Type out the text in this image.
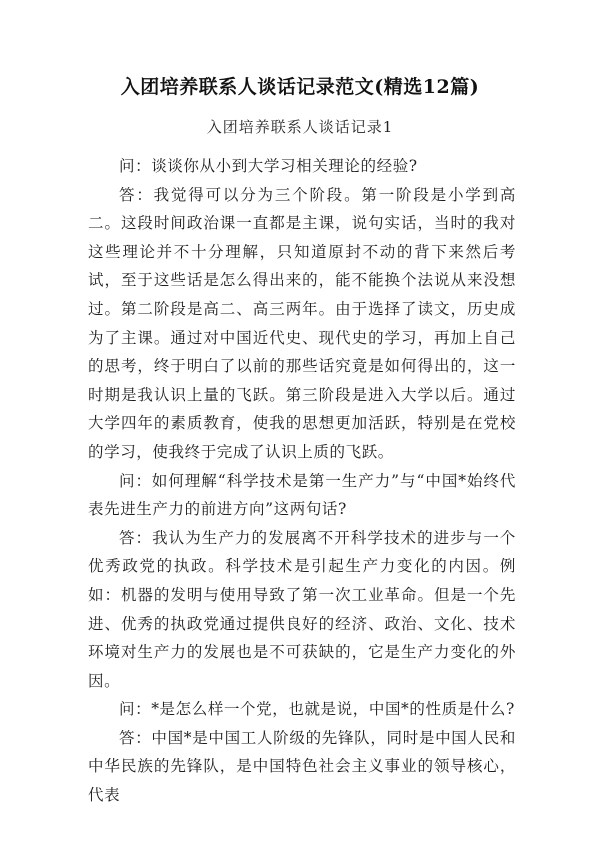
入团培养联系人谈话记录范文(精选12篇)
入团培养联系人谈话记录1

问：谈谈你从小到大学习相关理论的经验?

答：我觉得可以分为三个阶段。第一阶段是小学到高二。这段时间政治课一直都是主课，说句实话，当时的我对这些理论并不十分理解，只知道原封不动的背下来然后考试，至于这些话是怎么得出来的，能不能换个法说从来没想过。第二阶段是高二、高三两年。由于选择了读文，历史成为了主课。通过对中国近代史、现代史的学习，再加上自己的思考，终于明白了以前的那些话究竟是如何得出的，这一时期是我认识上量的飞跃。第三阶段是进入大学以后。通过大学四年的素质教育，使我的思想更加活跃，特别是在党校的学习，使我终于完成了认识上质的飞跃。

问：如何理解“科学技术是第一生产力”与“中国*始终代表先进生产力的前进方向”这两句话?

答：我认为生产力的发展离不开科学技术的进步与一个优秀政党的执政。科学技术是引起生产力变化的内因。例如：机器的发明与使用导致了第一次工业革命。但是一个先进、优秀的执政党通过提供良好的经济、政治、文化、技术环境对生产力的发展也是不可获缺的，它是生产力变化的外因。

问：*是怎么样一个党，也就是说，中国*的性质是什么?

答：中国*是中国工人阶级的先锋队，同时是中国人民和中华民族的先锋队，是中国特色社会主义事业的领导核心，代表
